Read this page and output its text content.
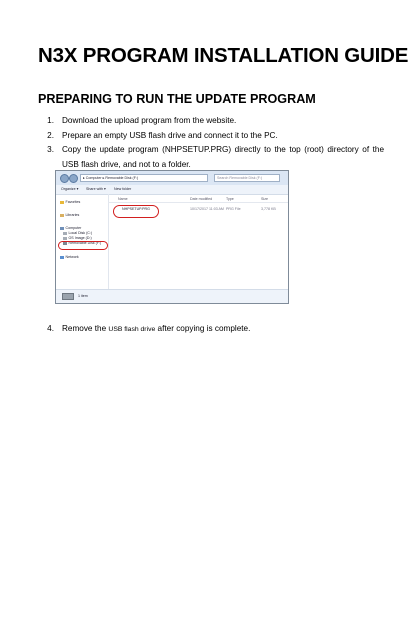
N3X PROGRAM INSTALLATION GUIDE
PREPARING TO RUN THE UPDATE PROGRAM
1. Download the upload program from the website.
2. Prepare an empty USB flash drive and connect it to the PC.
3. Copy the update program (NHPSETUP.PRG) directly to the top (root) directory of the USB flash drive, and not to a folder.
▸ Computer ▸ Removable Disk (F:)	Search Removable Disk (F:)
Organize ▾ Share with ▾ New folder
Favorites
Libraries
Computer
Local Disk (C:)
OS Image (D:)
Removable Disk (F:)
Network
Name	Date modified	Type	Size
NHPSETUP.PRG	10/17/2017 11:03 AM PRG File	3,778 KB
1 item
4. Remove the USB flash drive after copying is complete.
